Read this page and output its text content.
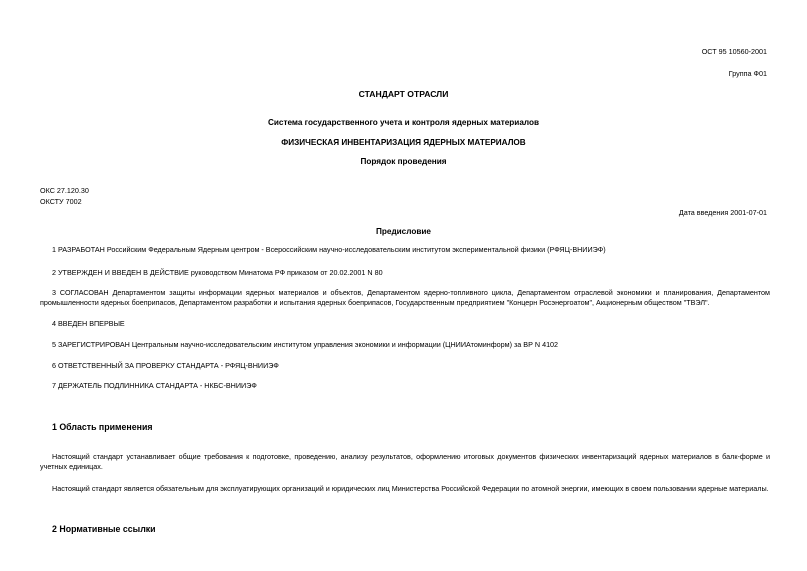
ОСТ 95 10560-2001
Группа Ф01
СТАНДАРТ ОТРАСЛИ
Система государственного учета и контроля ядерных материалов
ФИЗИЧЕСКАЯ ИНВЕНТАРИЗАЦИЯ ЯДЕРНЫХ МАТЕРИАЛОВ
Порядок проведения
ОКС 27.120.30
ОКСТУ 7002
Дата введения 2001-07-01
Предисловие
1 РАЗРАБОТАН Российским Федеральным Ядерным центром - Всероссийским научно-исследовательским институтом экспериментальной физики (РФЯЦ-ВНИИЭФ)
2 УТВЕРЖДЕН И ВВЕДЕН В ДЕЙСТВИЕ руководством Минатома РФ приказом от 20.02.2001 N 80
3 СОГЛАСОВАН Департаментом защиты информации ядерных материалов и объектов, Департаментом ядерно-топливного цикла, Департаментом отраслевой экономики и планирования, Департаментом промышленности ядерных боеприпасов, Департаментом разработки и испытания ядерных боеприпасов, Государственным предприятием "Концерн Росэнергоатом", Акционерным обществом "ТВЭЛ".
4 ВВЕДЕН ВПЕРВЫЕ
5 ЗАРЕГИСТРИРОВАН Центральным научно-исследовательским институтом управления экономики и информации (ЦНИИАтоминформ) за ВР N 4102
6 ОТВЕТСТВЕННЫЙ ЗА ПРОВЕРКУ СТАНДАРТА - РФЯЦ-ВНИИЭФ
7 ДЕРЖАТЕЛЬ ПОДЛИННИКА СТАНДАРТА - НКБС-ВНИИЭФ
1 Область применения
Настоящий стандарт устанавливает общие требования к подготовке, проведению, анализу результатов, оформлению итоговых документов физических инвентаризаций ядерных материалов в балк-форме и учетных единицах.
Настоящий стандарт является обязательным для эксплуатирующих организаций и юридических лиц Министерства Российской Федерации по атомной энергии, имеющих в своем пользовании ядерные материалы.
2 Нормативные ссылки
